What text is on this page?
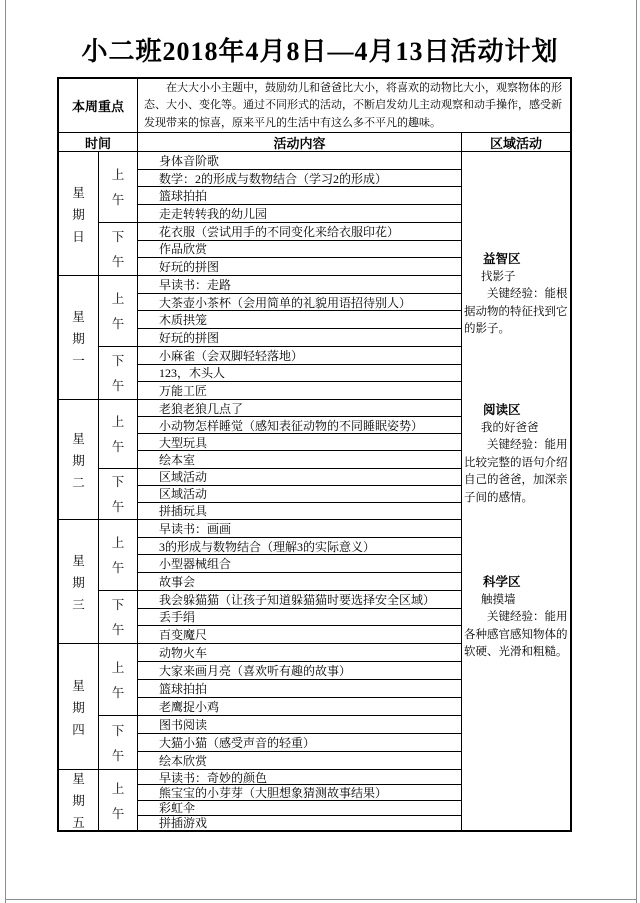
小二班2018年4月8日—4月13日活动计划
本周重点
在大大小小主题中，鼓励幼儿和爸爸比大小，将喜欢的动物比大小，观察物体的形态、大小、变化等。通过不同形式的活动，不断启发幼儿主动观察和动手操作，感受新发现带来的惊喜，原来平凡的生活中有这么多不平凡的趣味。
时间	活动内容	区域活动
星
期
日
上
午
身体音阶歌
数学：2的形成与数物结合（学习2的形成）
篮球拍拍
走走转转我的幼儿园
下
午
花衣服（尝试用手的不同变化来给衣服印花）
作品欣赏
好玩的拼图
星
期
一
上
午
早读书：走路
大茶壶小茶杯（会用简单的礼貌用语招待别人）
木质拱笼
好玩的拼图
下
午
小麻雀（会双脚轻轻落地）
123，木头人
万能工匠
星
期
二
上
午
老狼老狼几点了
小动物怎样睡觉（感知表征动物的不同睡眠姿势）
大型玩具
绘本室
下
午
区域活动
区域活动
拼插玩具
星
期
三
上
午
早读书：画画
3的形成与数物结合（理解3的实际意义）
小型器械组合
故事会
下
午
我会躲猫猫（让孩子知道躲猫猫时要选择安全区域）
丢手绢
百变魔尺
星
期
四
上
午
动物火车
大家来画月亮（喜欢听有趣的故事）
篮球拍拍
老鹰捉小鸡
下
午
图书阅读
大猫小猫（感受声音的轻重）
绘本欣赏
星
期
五
上
午
早读书：奇妙的颜色
熊宝宝的小芽芽（大胆想象猜测故事结果）
彩虹伞
拼插游戏
益智区
找影子
关键经验：能根据动物的特征找到它的影子。
阅读区
我的好爸爸
关键经验：能用比较完整的语句介绍自己的爸爸，加深亲子间的感情。
科学区
触摸墙
关键经验：能用各种感官感知物体的软硬、光滑和粗糙。
